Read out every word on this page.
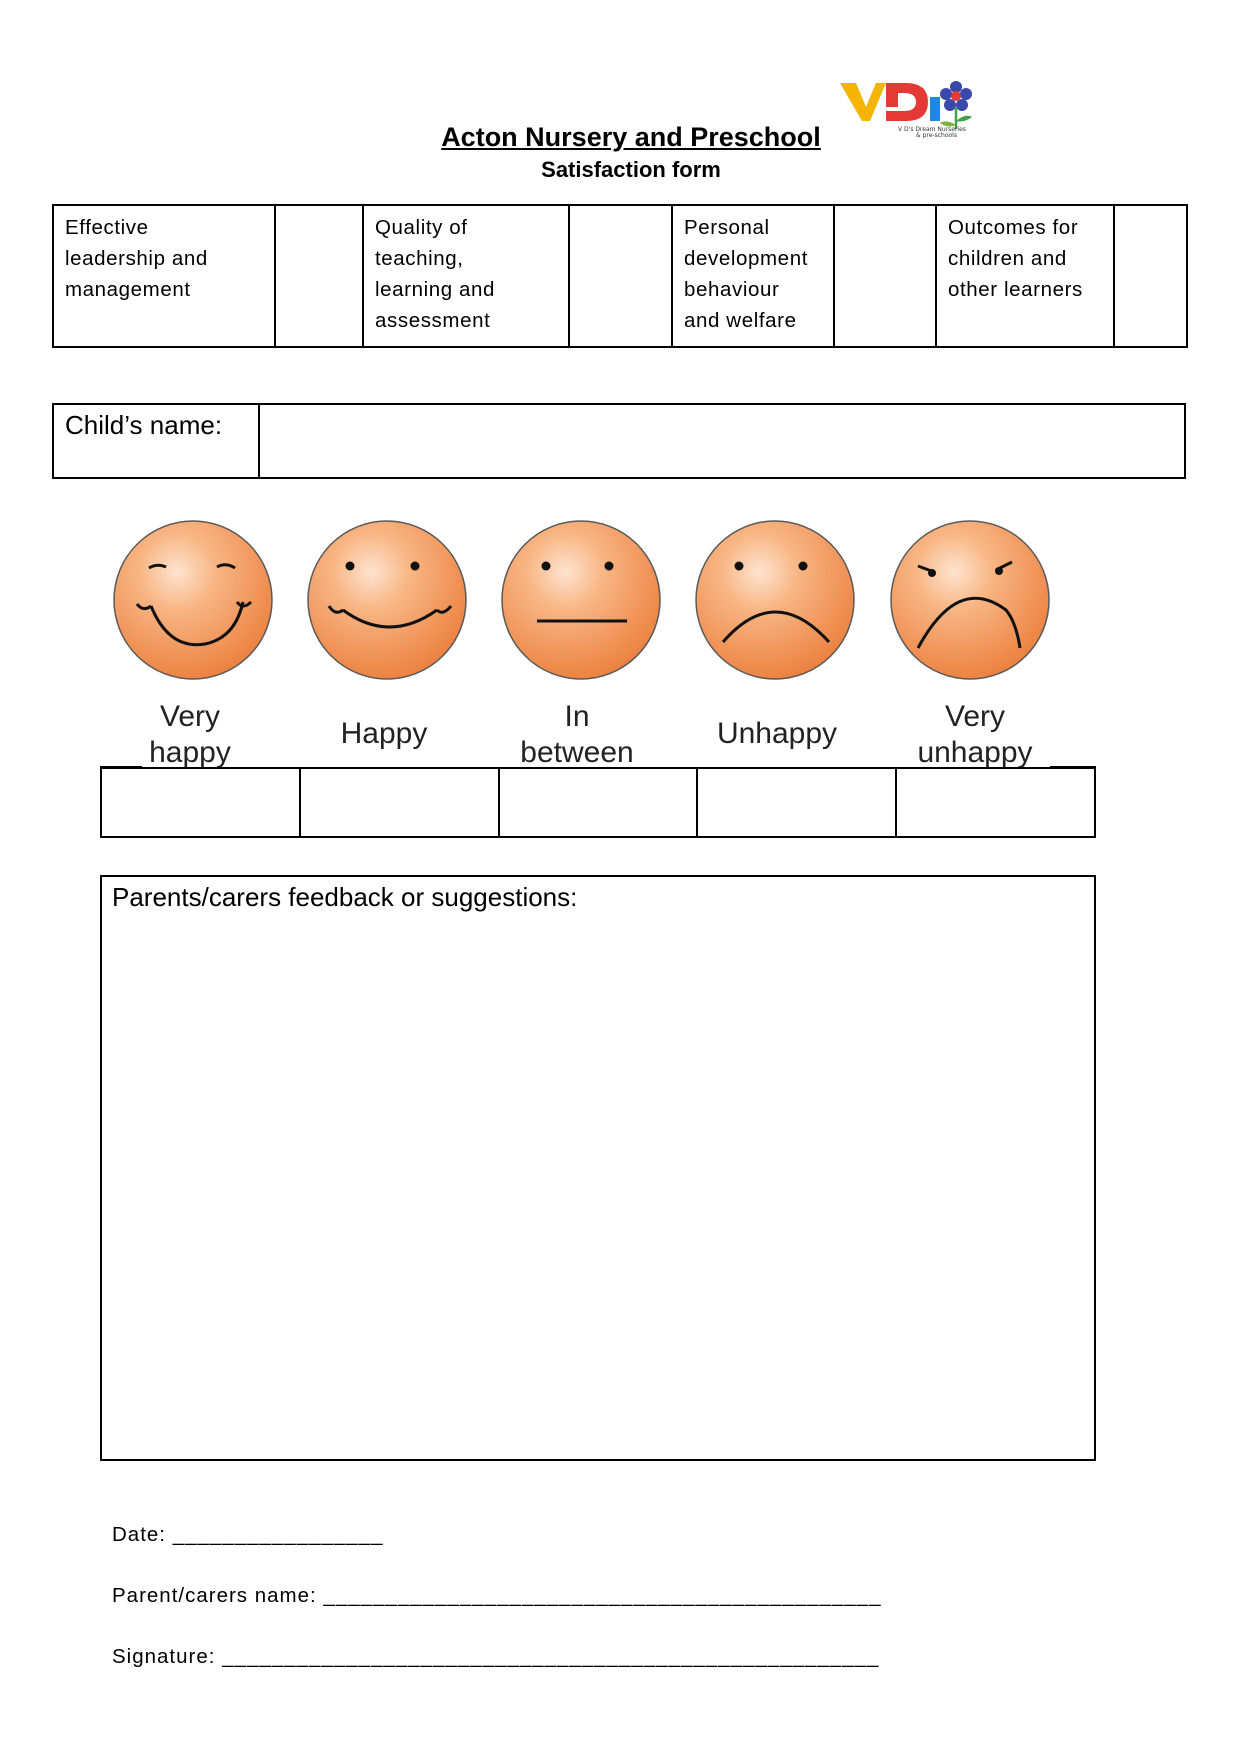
Acton Nursery and Preschool
Satisfaction form
V D's Dream Nurseries
& pre-schools
Effective
leadership and
management

Quality of
teaching,
learning and
assessment

Personal
development
behaviour
and welfare

Outcomes for
children and
other learners

Child’s name:	
Very
happy
Happy
In
between
Unhappy
Very
unhappy

Parents/carers feedback or suggestions:
Date: _________________
Parent/carers name: _____________________________________________
Signature: _____________________________________________________
